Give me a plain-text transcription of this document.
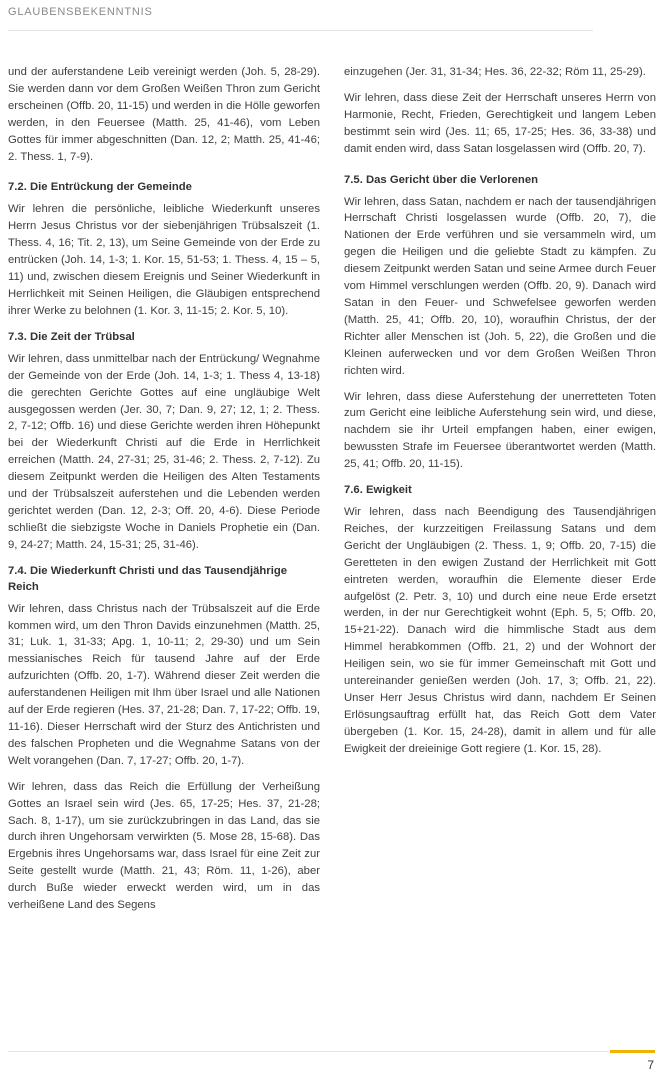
GLAUBENSBEKENNTNIS

und der auferstandene Leib vereinigt werden (Joh. 5, 28-29). Sie werden dann vor dem Großen Weißen Thron zum Gericht erscheinen (Offb. 20, 11-15) und werden in die Hölle geworfen werden, in den Feuersee (Matth. 25, 41-46), vom Leben Gottes für immer abgeschnitten (Dan. 12, 2; Matth. 25, 41-46; 2. Thess. 1, 7-9).

7.2. Die Entrückung der Gemeinde

Wir lehren die persönliche, leibliche Wiederkunft unseres Herrn Jesus Christus vor der siebenjährigen Trübsalszeit (1. Thess. 4, 16; Tit. 2, 13), um Seine Gemeinde von der Erde zu entrücken (Joh. 14, 1-3; 1. Kor. 15, 51-53; 1. Thess. 4, 15 – 5, 11) und, zwischen diesem Ereignis und Seiner Wiederkunft in Herrlichkeit mit Seinen Heiligen, die Gläubigen entsprechend ihrer Werke zu belohnen (1. Kor. 3, 11-15; 2. Kor. 5, 10).

7.3. Die Zeit der Trübsal

Wir lehren, dass unmittelbar nach der Entrückung/ Wegnahme der Gemeinde von der Erde (Joh. 14, 1-3; 1. Thess 4, 13-18) die gerechten Gerichte Gottes auf eine ungläubige Welt ausgegossen werden (Jer. 30, 7; Dan. 9, 27; 12, 1; 2. Thess. 2, 7-12; Offb. 16) und diese Gerichte werden ihren Höhepunkt bei der Wiederkunft Christi auf die Erde in Herrlichkeit erreichen (Matth. 24, 27-31; 25, 31-46; 2. Thess. 2, 7-12). Zu diesem Zeitpunkt werden die Heiligen des Alten Testaments und der Trübsalszeit auferstehen und die Lebenden werden gerichtet werden (Dan. 12, 2-3; Off. 20, 4-6). Diese Periode schließt die siebzigste Woche in Daniels Prophetie ein (Dan. 9, 24-27; Matth. 24, 15-31; 25, 31-46).

7.4. Die Wiederkunft Christi und das Tausendjährige Reich

Wir lehren, dass Christus nach der Trübsalszeit auf die Erde kommen wird, um den Thron Davids einzunehmen (Matth. 25, 31; Luk. 1, 31-33; Apg. 1, 10-11; 2, 29-30) und um Sein messianisches Reich für tausend Jahre auf der Erde aufzurichten (Offb. 20, 1-7). Während dieser Zeit werden die auferstandenen Heiligen mit Ihm über Israel und alle Nationen auf der Erde regieren (Hes. 37, 21-28; Dan. 7, 17-22; Offb. 19, 11-16). Dieser Herrschaft wird der Sturz des Antichristen und des falschen Propheten und die Wegnahme Satans von der Welt vorangehen (Dan. 7, 17-27; Offb. 20, 1-7).

Wir lehren, dass das Reich die Erfüllung der Verheißung Gottes an Israel sein wird (Jes. 65, 17-25; Hes. 37, 21-28; Sach. 8, 1-17), um sie zurückzubringen in das Land, das sie durch ihren Ungehorsam verwirkten (5. Mose 28, 15-68). Das Ergebnis ihres Ungehorsams war, dass Israel für eine Zeit zur Seite gestellt wurde (Matth. 21, 43; Röm. 11, 1-26), aber durch Buße wieder erweckt werden wird, um in das verheißene Land des Segens

einzugehen (Jer. 31, 31-34; Hes. 36, 22-32; Röm 11, 25-29).

Wir lehren, dass diese Zeit der Herrschaft unseres Herrn von Harmonie, Recht, Frieden, Gerechtigkeit und langem Leben bestimmt sein wird (Jes. 11; 65, 17-25; Hes. 36, 33-38) und damit enden wird, dass Satan losgelassen wird (Offb. 20, 7).

7.5. Das Gericht über die Verlorenen

Wir lehren, dass Satan, nachdem er nach der tausendjährigen Herrschaft Christi losgelassen wurde (Offb. 20, 7), die Nationen der Erde verführen und sie versammeln wird, um gegen die Heiligen und die geliebte Stadt zu kämpfen. Zu diesem Zeitpunkt werden Satan und seine Armee durch Feuer vom Himmel verschlungen werden (Offb. 20, 9). Danach wird Satan in den Feuer- und Schwefelsee geworfen werden (Matth. 25, 41; Offb. 20, 10), woraufhin Christus, der der Richter aller Menschen ist (Joh. 5, 22), die Großen und die Kleinen auferwecken und vor dem Großen Weißen Thron richten wird.

Wir lehren, dass diese Auferstehung der unerretteten Toten zum Gericht eine leibliche Auferstehung sein wird, und diese, nachdem sie ihr Urteil empfangen haben, einer ewigen, bewussten Strafe im Feuersee überantwortet werden (Matth. 25, 41; Offb. 20, 11-15).

7.6. Ewigkeit

Wir lehren, dass nach Beendigung des Tausendjährigen Reiches, der kurzzeitigen Freilassung Satans und dem Gericht der Ungläubigen (2. Thess. 1, 9; Offb. 20, 7-15) die Geretteten in den ewigen Zustand der Herrlichkeit mit Gott eintreten werden, woraufhin die Elemente dieser Erde aufgelöst (2. Petr. 3, 10) und durch eine neue Erde ersetzt werden, in der nur Gerechtigkeit wohnt (Eph. 5, 5; Offb. 20, 15+21-22). Danach wird die himmlische Stadt aus dem Himmel herabkommen (Offb. 21, 2) und der Wohnort der Heiligen sein, wo sie für immer Gemeinschaft mit Gott und untereinander genießen werden (Joh. 17, 3; Offb. 21, 22). Unser Herr Jesus Christus wird dann, nachdem Er Seinen Erlösungsauftrag erfüllt hat, das Reich Gott dem Vater übergeben (1. Kor. 15, 24-28), damit in allem und für alle Ewigkeit der dreieinige Gott regiere (1. Kor. 15, 28).

7
